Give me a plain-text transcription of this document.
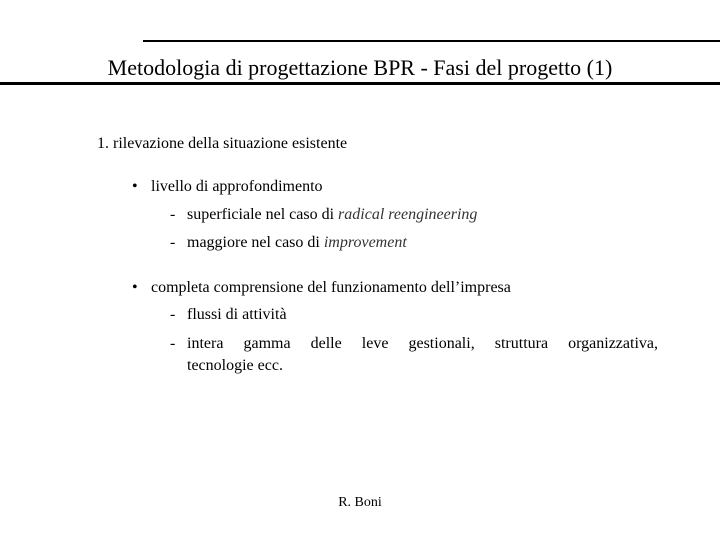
Metodologia di progettazione BPR - Fasi del progetto (1)
1. rilevazione della situazione esistente
• livello di approfondimento
- superficiale nel caso di radical reengineering
- maggiore nel caso di improvement
• completa comprensione del funzionamento dell’impresa
- flussi di attività
- intera gamma delle leve gestionali, struttura organizzativa,
tecnologie ecc.
R. Boni
